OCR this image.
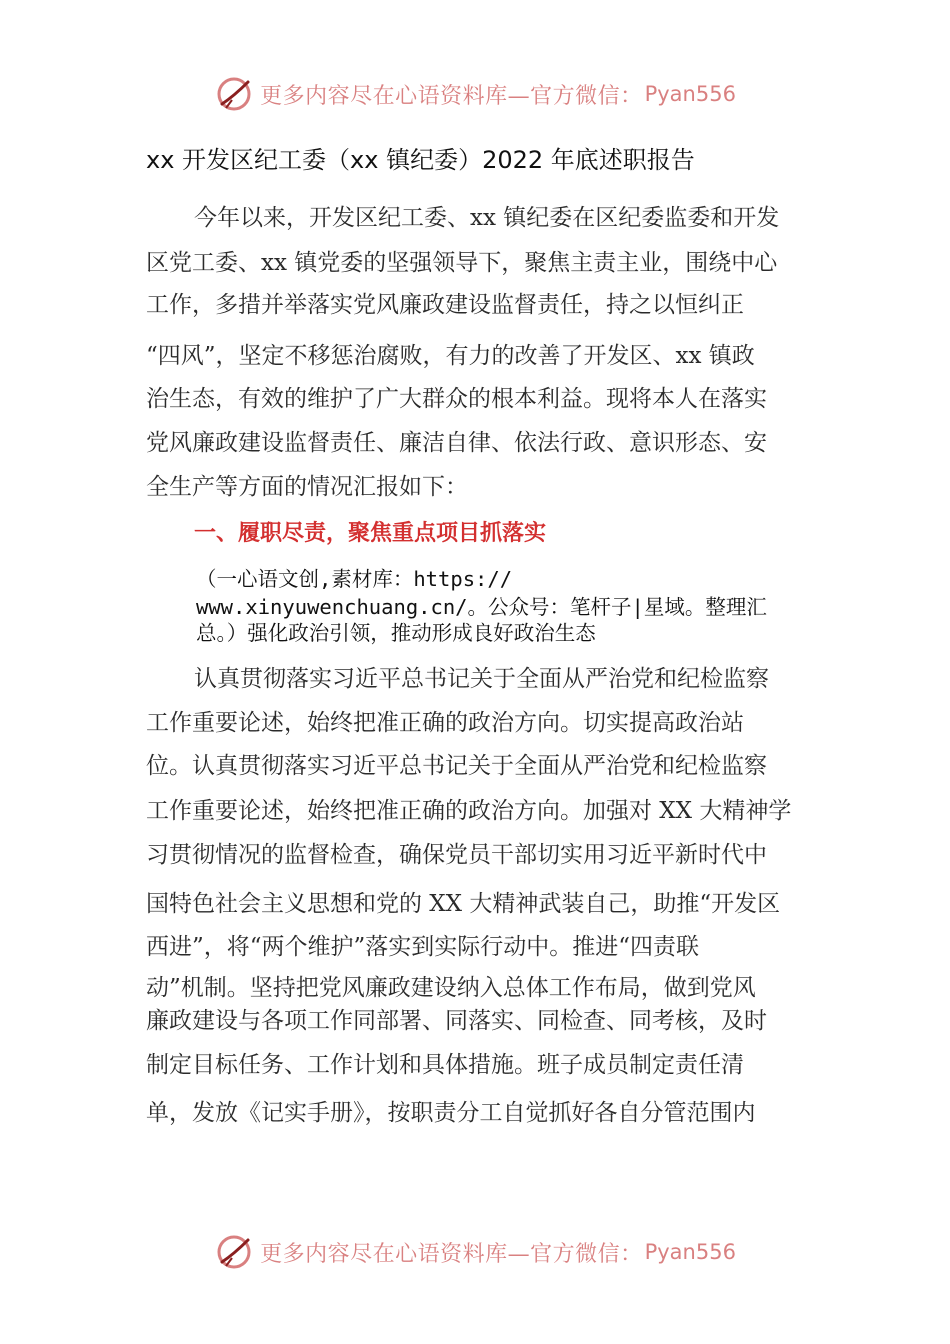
更多内容尽在心语资料库—官方微信： Pyan556
xx 开发区纪工委（xx 镇纪委）2022 年底述职报告
今年以来，开发区纪工委、xx 镇纪委在区纪委监委和开发
区党工委、xx 镇党委的坚强领导下，聚焦主责主业，围绕中心
工作，多措并举落实党风廉政建设监督责任，持之以恒纠正
“四风”，坚定不移惩治腐败，有力的改善了开发区、xx 镇政
治生态，有效的维护了广大群众的根本利益。现将本人在落实
党风廉政建设监督责任、廉洁自律、依法行政、意识形态、安
全生产等方面的情况汇报如下：
一、履职尽责，聚焦重点项目抓落实
（一心语文创,素材库：https://
www.xinyuwenchuang.cn/。公众号：笔杆子|星域。整理汇
总。）强化政治引领，推动形成良好政治生态
认真贯彻落实习近平总书记关于全面从严治党和纪检监察
工作重要论述，始终把准正确的政治方向。切实提高政治站
位。认真贯彻落实习近平总书记关于全面从严治党和纪检监察
工作重要论述，始终把准正确的政治方向。加强对 XX 大精神学
习贯彻情况的监督检查，确保党员干部切实用习近平新时代中
国特色社会主义思想和党的 XX 大精神武装自己，助推“开发区
西进”，将“两个维护”落实到实际行动中。推进“四责联
动”机制。坚持把党风廉政建设纳入总体工作布局，做到党风
廉政建设与各项工作同部署、同落实、同检查、同考核，及时
制定目标任务、工作计划和具体措施。班子成员制定责任清
单，发放《记实手册》，按职责分工自觉抓好各自分管范围内
更多内容尽在心语资料库—官方微信： Pyan556
